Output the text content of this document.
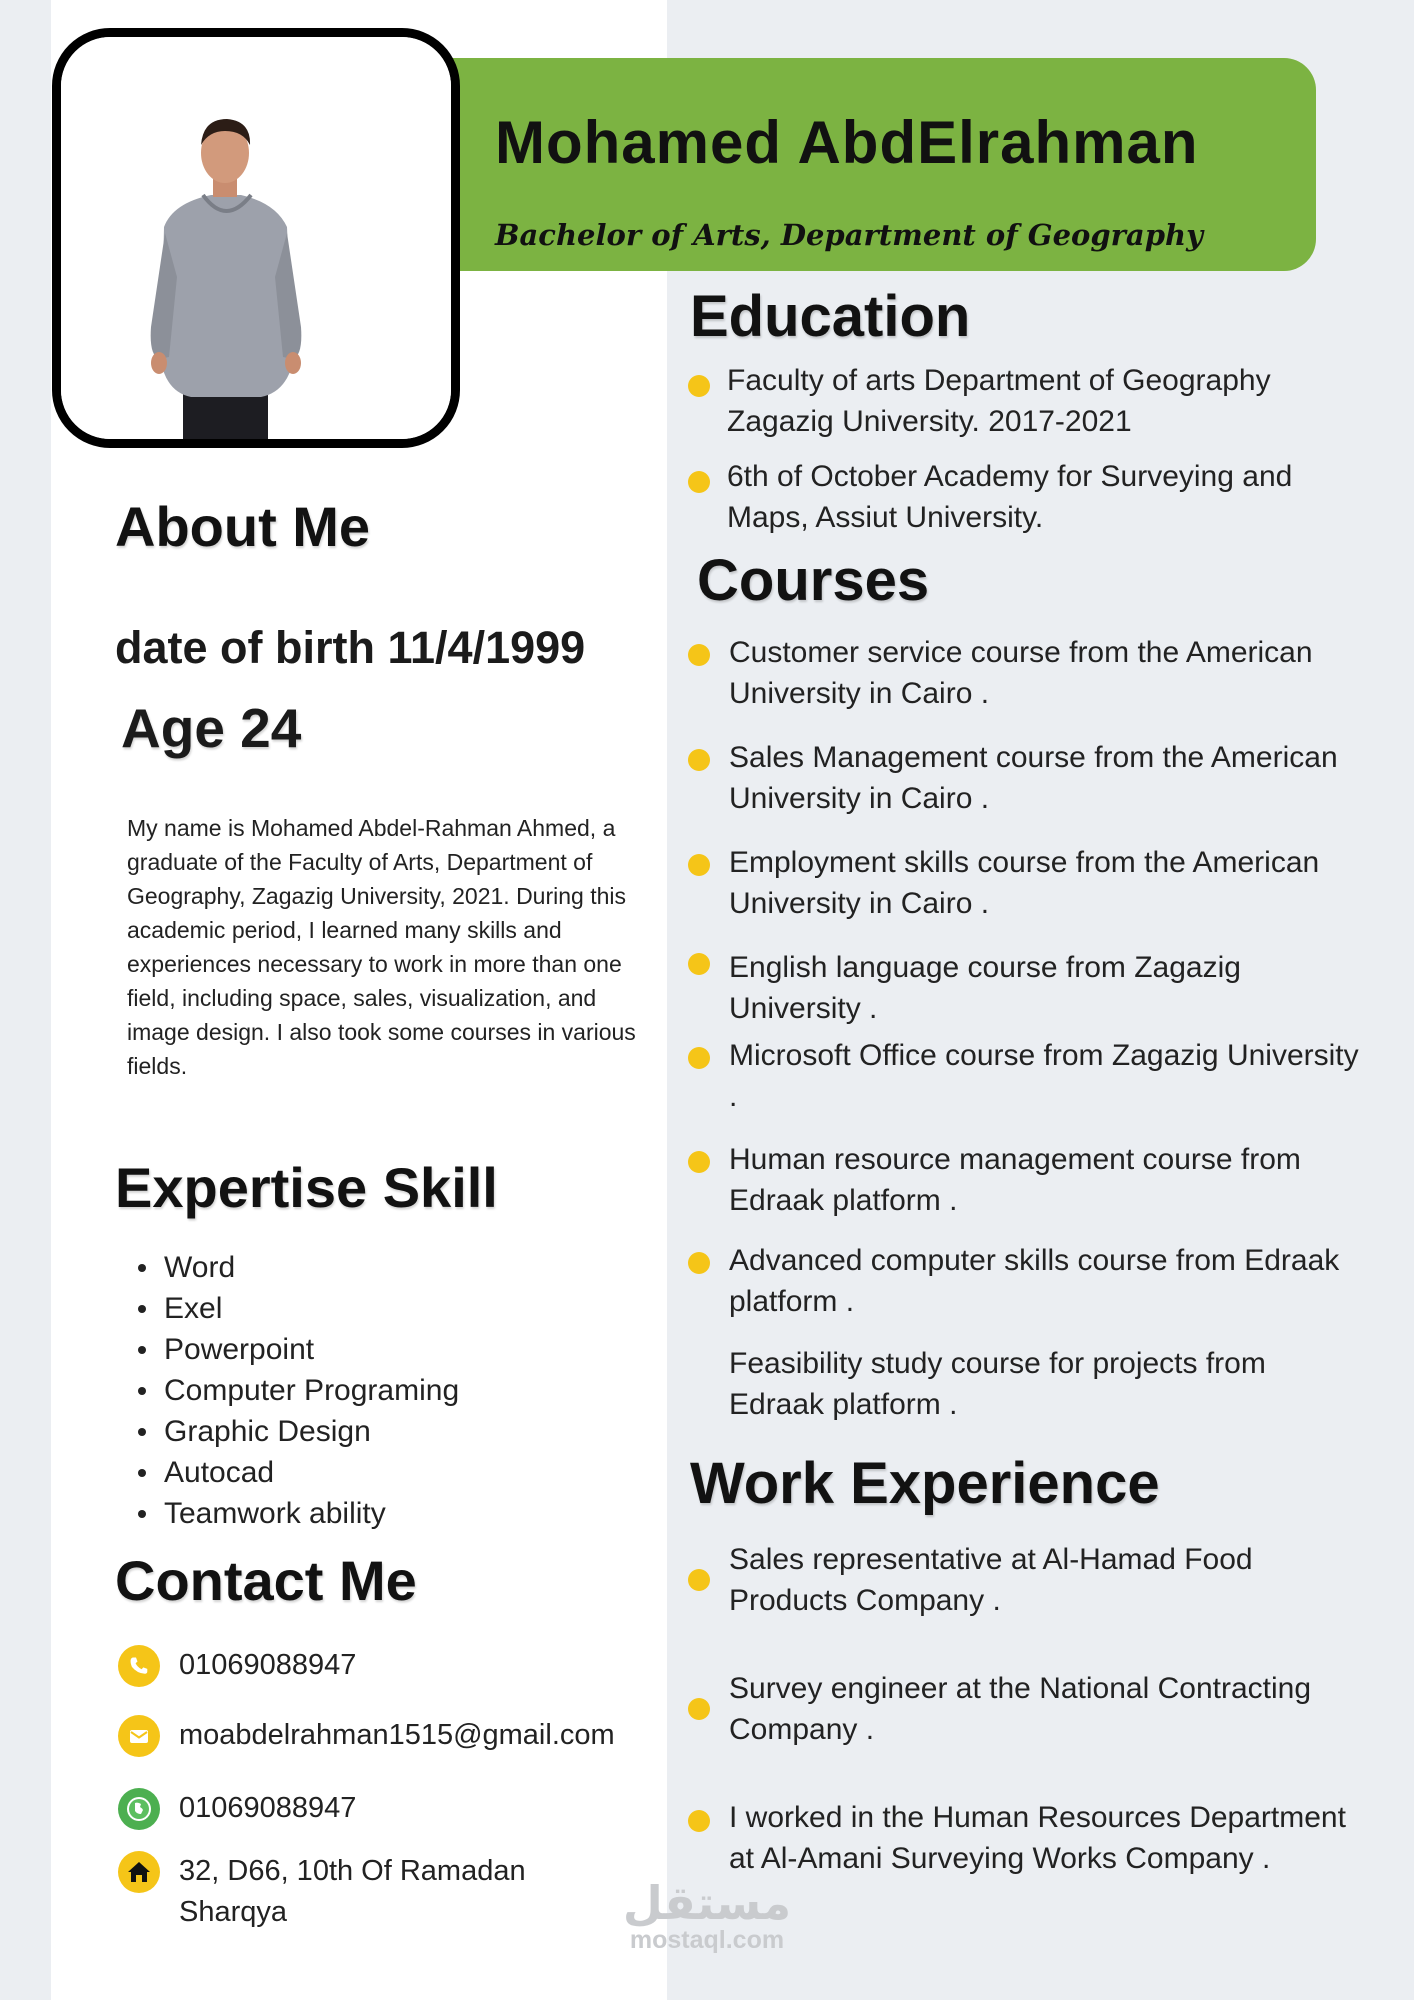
Mohamed AbdElrahman
Bachelor of Arts, Department of Geography
About Me
date of birth 11/4/1999
Age 24
My name is Mohamed Abdel-Rahman Ahmed, a graduate of the Faculty of Arts, Department of Geography, Zagazig University, 2021. During this academic period, I learned many skills and experiences necessary to work in more than one field, including space, sales, visualization, and image design. I also took some courses in various fields.
Expertise Skill
Word
Exel
Powerpoint
Computer Programing
Graphic Design
Autocad
Teamwork ability
Contact Me
01069088947
moabdelrahman1515@gmail.com
01069088947
32, D66, 10th Of Ramadan Sharqya
Education
Faculty of arts Department of Geography Zagazig University. 2017-2021
6th of October Academy for Surveying and Maps, Assiut University.
Courses
Customer service course from the American University in Cairo .
Sales Management course from the American University in Cairo .
Employment skills course from the American University in Cairo .
English language course from Zagazig University .
Microsoft Office course from Zagazig University .
Human resource management course from Edraak platform .
Advanced computer skills course from Edraak platform .
Feasibility study course for projects from Edraak platform .
Work Experience
Sales representative at Al-Hamad Food Products Company .
Survey engineer at the National Contracting Company .
I worked in the Human Resources Department at Al-Amani Surveying Works Company .
مستقل
mostaql.com
